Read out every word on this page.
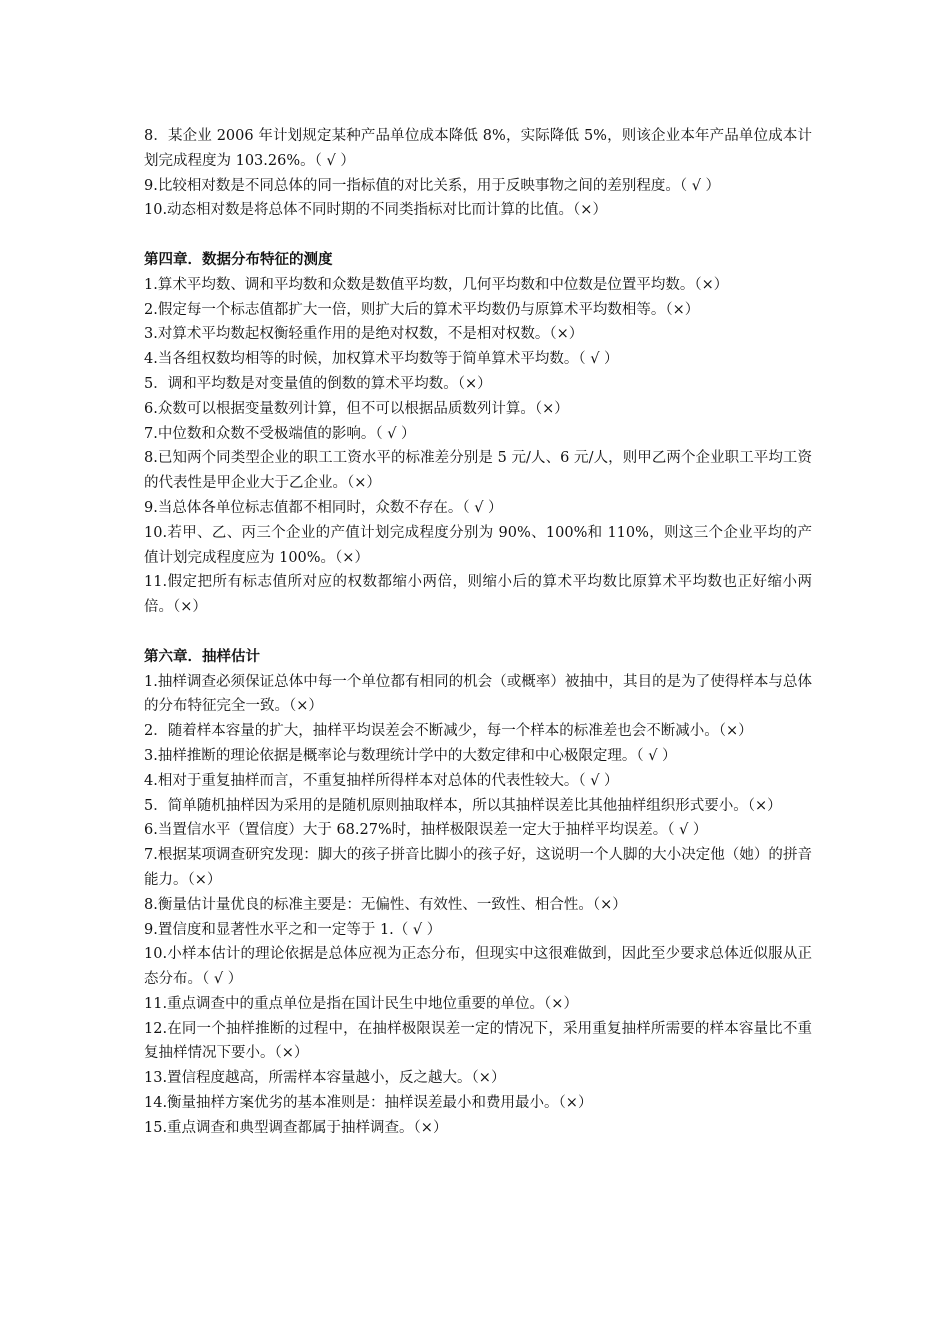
8．某企业 2006 年计划规定某种产品单位成本降低 8%，实际降低 5%，则该企业本年产品单位成本计划完成程度为 103.26%。（ √ ）

9.比较相对数是不同总体的同一指标值的对比关系，用于反映事物之间的差别程度。（ √ ）

10.动态相对数是将总体不同时期的不同类指标对比而计算的比值。（×）

第四章．数据分布特征的测度

1.算术平均数、调和平均数和众数是数值平均数，几何平均数和中位数是位置平均数。（×）

2.假定每一个标志值都扩大一倍，则扩大后的算术平均数仍与原算术平均数相等。（×）

3.对算术平均数起权衡轻重作用的是绝对权数，不是相对权数。（×）

4.当各组权数均相等的时候，加权算术平均数等于简单算术平均数。（ √ ）

5．调和平均数是对变量值的倒数的算术平均数。（×）

6.众数可以根据变量数列计算，但不可以根据品质数列计算。（×）

7.中位数和众数不受极端值的影响。（ √ ）

8.已知两个同类型企业的职工工资水平的标准差分别是 5 元/人、6 元/人，则甲乙两个企业职工平均工资的代表性是甲企业大于乙企业。（×）

9.当总体各单位标志值都不相同时，众数不存在。（ √ ）

10.若甲、乙、丙三个企业的产值计划完成程度分别为 90%、100%和 110%，则这三个企业平均的产值计划完成程度应为 100%。（×）

11.假定把所有标志值所对应的权数都缩小两倍，则缩小后的算术平均数比原算术平均数也正好缩小两倍。（×）

第六章．抽样估计

1.抽样调查必须保证总体中每一个单位都有相同的机会（或概率）被抽中，其目的是为了使得样本与总体的分布特征完全一致。（×）

2．随着样本容量的扩大，抽样平均误差会不断减少，每一个样本的标准差也会不断减小。（×）

3.抽样推断的理论依据是概率论与数理统计学中的大数定律和中心极限定理。（ √ ）

4.相对于重复抽样而言，不重复抽样所得样本对总体的代表性较大。（ √ ）

5．简单随机抽样因为采用的是随机原则抽取样本，所以其抽样误差比其他抽样组织形式要小。（×）

6.当置信水平（置信度）大于 68.27%时，抽样极限误差一定大于抽样平均误差。（ √ ）

7.根据某项调查研究发现：脚大的孩子拼音比脚小的孩子好，这说明一个人脚的大小决定他（她）的拼音能力。（×）

8.衡量估计量优良的标准主要是：无偏性、有效性、一致性、相合性。（×）

9.置信度和显著性水平之和一定等于 1.（ √ ）

10.小样本估计的理论依据是总体应视为正态分布，但现实中这很难做到，因此至少要求总体近似服从正态分布。（ √ ）

11.重点调查中的重点单位是指在国计民生中地位重要的单位。（×）

12.在同一个抽样推断的过程中，在抽样极限误差一定的情况下，采用重复抽样所需要的样本容量比不重复抽样情况下要小。（×）

13.置信程度越高，所需样本容量越小，反之越大。（×）

14.衡量抽样方案优劣的基本准则是：抽样误差最小和费用最小。（×）

15.重点调查和典型调查都属于抽样调查。（×）
